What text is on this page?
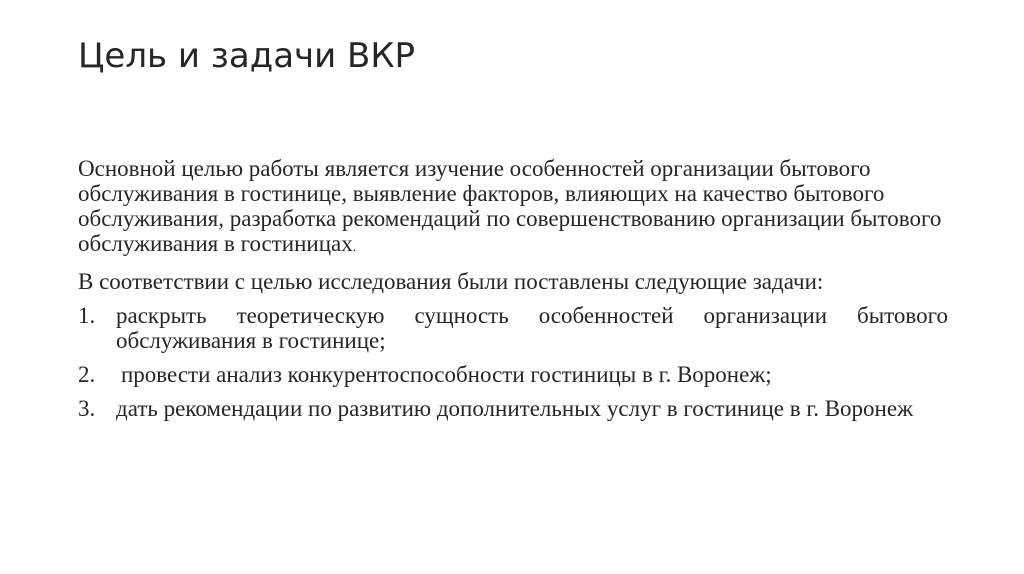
Цель и задачи ВКР

Основной целью работы является изучение особенностей организации бытового обслуживания в гостинице, выявление факторов, влияющих на качество бытового обслуживания, разработка рекомендаций по совершенствованию организации бытового обслуживания в гостиницах.

В соответствии с целью исследования были поставлены следующие задачи:

1. раскрыть теоретическую сущность особенностей организации бытового обслуживания в гостинице;
2.	провести анализ конкурентоспособности гостиницы в г. Воронеж;
3. дать рекомендации по развитию дополнительных услуг в гостинице в г. Воронеж
